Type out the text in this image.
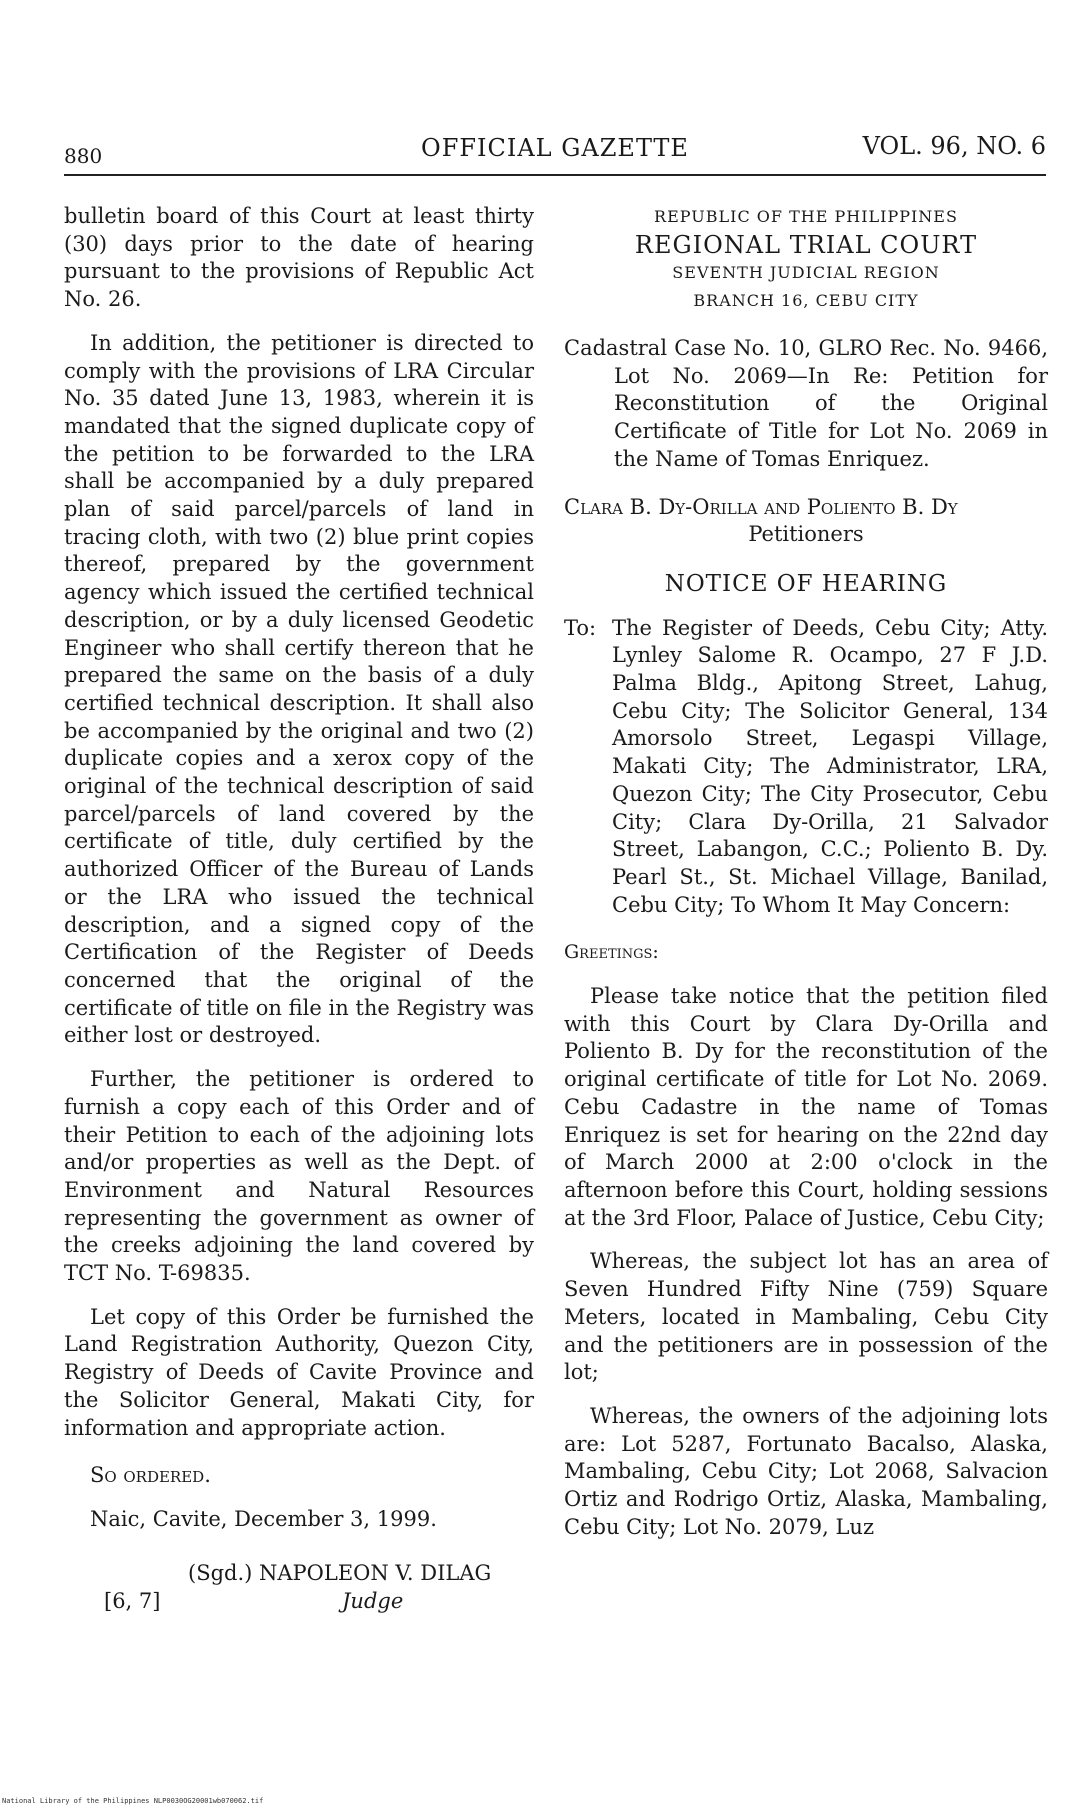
880	OFFICIAL GAZETTE	VOL. 96, NO. 6

bulletin board of this Court at least thirty (30) days prior to the date of hearing pursuant to the provisions of Republic Act No. 26.

In addition, the petitioner is directed to comply with the provisions of LRA Circular No. 35 dated June 13, 1983, wherein it is mandated that the signed duplicate copy of the petition to be forwarded to the LRA shall be accompanied by a duly prepared plan of said parcel/parcels of land in tracing cloth, with two (2) blue print copies thereof, prepared by the government agency which issued the certified technical description, or by a duly licensed Geodetic Engineer who shall certify thereon that he prepared the same on the basis of a duly certified technical description. It shall also be accompanied by the original and two (2) duplicate copies and a xerox copy of the original of the technical description of said parcel/parcels of land covered by the certificate of title, duly certified by the authorized Officer of the Bureau of Lands or the LRA who issued the technical description, and a signed copy of the Certification of the Register of Deeds concerned that the original of the certificate of title on file in the Registry was either lost or destroyed.

Further, the petitioner is ordered to furnish a copy each of this Order and of their Petition to each of the adjoining lots and/or properties as well as the Dept. of Environment and Natural Resources representing the government as owner of the creeks adjoining the land covered by TCT No. T-69835.

Let copy of this Order be furnished the Land Registration Authority, Quezon City, Registry of Deeds of Cavite Province and the Solicitor General, Makati City, for information and appropriate action.

So ordered.

Naic, Cavite, December 3, 1999.

(Sgd.) NAPOLEON V. DILAG
[6, 7]	Judge
REPUBLIC OF THE PHILIPPINES
REGIONAL TRIAL COURT
SEVENTH JUDICIAL REGION
BRANCH 16, CEBU CITY

Cadastral Case No. 10, GLRO Rec. No. 9466, Lot No. 2069—In Re: Petition for Reconstitution of the Original Certificate of Title for Lot No. 2069 in the Name of Tomas Enriquez.

Clara B. Dy-Orilla and Poliento B. Dy

Petitioners

NOTICE OF HEARING
To: The Register of Deeds, Cebu City; Atty. Lynley Salome R. Ocampo, 27 F J.D. Palma Bldg., Apitong Street, Lahug, Cebu City; The Solicitor General, 134 Amorsolo Street, Legaspi Village, Makati City; The Administrator, LRA, Quezon City; The City Prosecutor, Cebu City; Clara Dy-Orilla, 21 Salvador Street, Labangon, C.C.; Poliento B. Dy. Pearl St., St. Michael Village, Banilad, Cebu City; To Whom It May Concern:

Greetings:

Please take notice that the petition filed with this Court by Clara Dy-Orilla and Poliento B. Dy for the reconstitution of the original certificate of title for Lot No. 2069. Cebu Cadastre in the name of Tomas Enriquez is set for hearing on the 22nd day of March 2000 at 2:00 o'clock in the afternoon before this Court, holding sessions at the 3rd Floor, Palace of Justice, Cebu City;

Whereas, the subject lot has an area of Seven Hundred Fifty Nine (759) Square Meters, located in Mambaling, Cebu City and the petitioners are in possession of the lot;

Whereas, the owners of the adjoining lots are: Lot 5287, Fortunato Bacalso, Alaska, Mambaling, Cebu City; Lot 2068, Salvacion Ortiz and Rodrigo Ortiz, Alaska, Mambaling, Cebu City; Lot No. 2079, Luz

National Library of the Philippines NLP0030OG20001wb070062.tif
